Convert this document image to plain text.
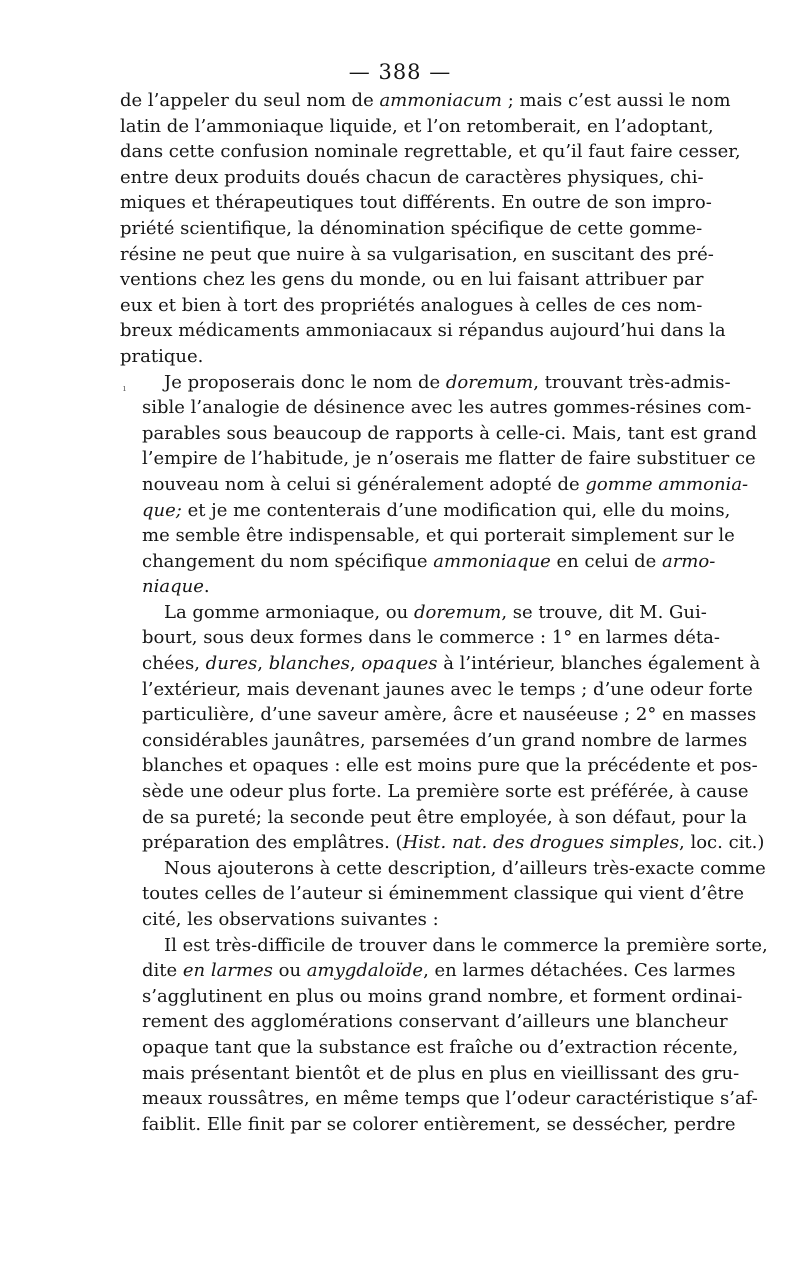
— 388 —
ı

de l’appeler du seul nom de ammoniacum ; mais c’est aussi le nom
latin de l’ammoniaque liquide, et l’on retomberait, en l’adoptant,
dans cette confusion nominale regrettable, et qu’il faut faire cesser,
entre deux produits doués chacun de caractères physiques, chi-
miques et thérapeutiques tout différents. En outre de son impro-
priété scientifique, la dénomination spécifique de cette gomme-
résine ne peut que nuire à sa vulgarisation, en suscitant des pré-
ventions chez les gens du monde, ou en lui faisant attribuer par
eux et bien à tort des propriétés analogues à celles de ces nom-
breux médicaments ammoniacaux si répandus aujourd’hui dans la
pratique.

Je proposerais donc le nom de doremum, trouvant très-admis-
sible l’analogie de désinence avec les autres gommes-résines com-
parables sous beaucoup de rapports à celle-ci. Mais, tant est grand
l’empire de l’habitude, je n’oserais me flatter de faire substituer ce
nouveau nom à celui si généralement adopté de gomme ammonia-
que; et je me contenterais d’une modification qui, elle du moins,
me semble être indispensable, et qui porterait simplement sur le
changement du nom spécifique ammoniaque en celui de armo-
niaque.

La gomme armoniaque, ou doremum, se trouve, dit M. Gui-
bourt, sous deux formes dans le commerce : 1° en larmes déta-
chées, dures, blanches, opaques à l’intérieur, blanches également à
l’extérieur, mais devenant jaunes avec le temps ; d’une odeur forte
particulière, d’une saveur amère, âcre et nauséeuse ; 2° en masses
considérables jaunâtres, parsemées d’un grand nombre de larmes
blanches et opaques : elle est moins pure que la précédente et pos-
sède une odeur plus forte. La première sorte est préférée, à cause
de sa pureté; la seconde peut être employée, à son défaut, pour la
préparation des emplâtres. (Hist. nat. des drogues simples, loc. cit.)

Nous ajouterons à cette description, d’ailleurs très-exacte comme
toutes celles de l’auteur si éminemment classique qui vient d’être
cité, les observations suivantes :

Il est très-difficile de trouver dans le commerce la première sorte,
dite en larmes ou amygdaloïde, en larmes détachées. Ces larmes
s’agglutinent en plus ou moins grand nombre, et forment ordinai-
rement des agglomérations conservant d’ailleurs une blancheur
opaque tant que la substance est fraîche ou d’extraction récente,
mais présentant bientôt et de plus en plus en vieillissant des gru-
meaux roussâtres, en même temps que l’odeur caractéristique s’af-
faiblit. Elle finit par se colorer entièrement, se dessécher, perdre
